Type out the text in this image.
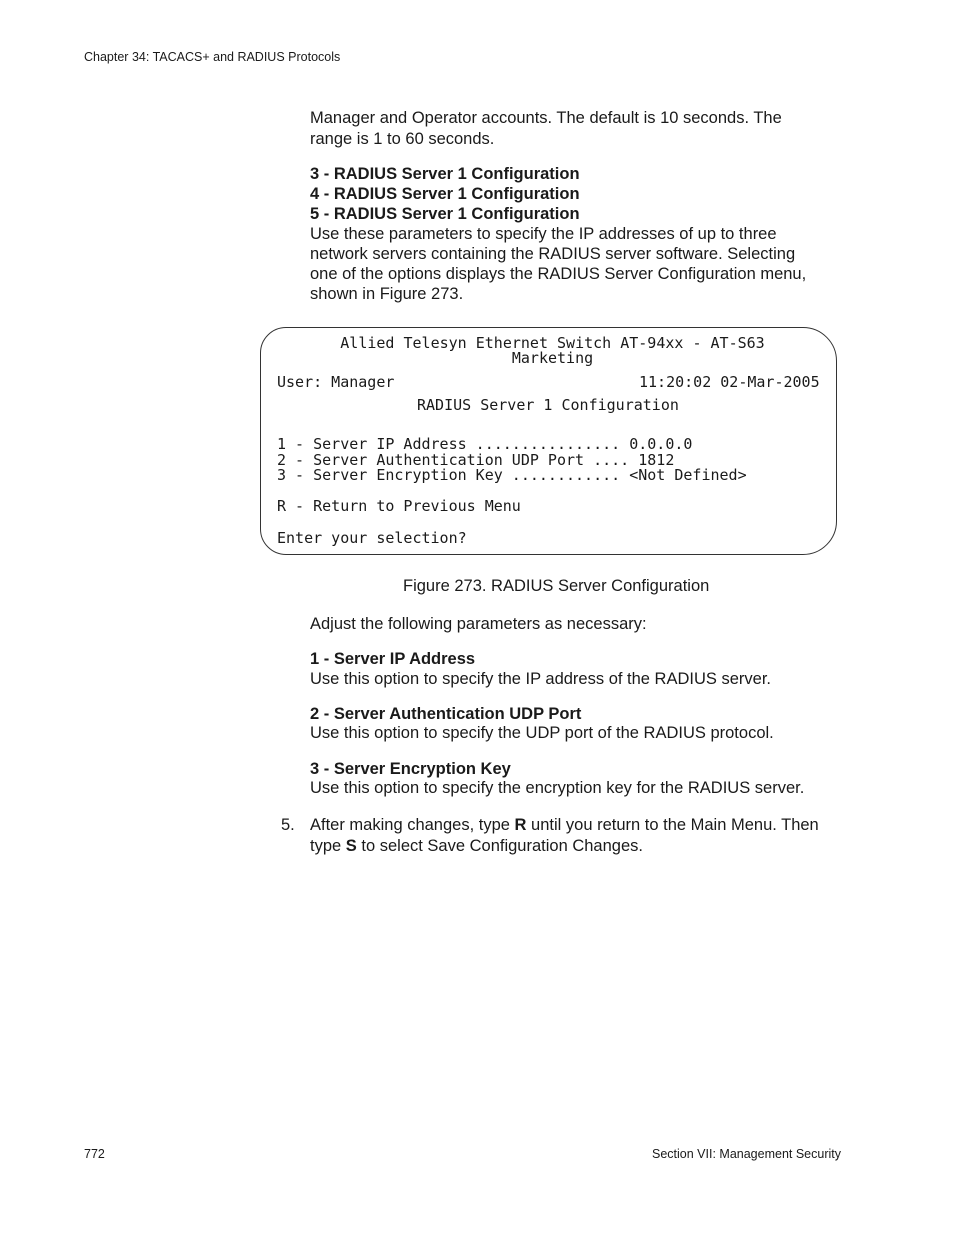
Chapter 34: TACACS+ and RADIUS Protocols
Manager and Operator accounts. The default is 10 seconds. The
range is 1 to 60 seconds.
3 - RADIUS Server 1 Configuration
4 - RADIUS Server 1 Configuration
5 - RADIUS Server 1 Configuration
Use these parameters to specify the IP addresses of up to three
network servers containing the RADIUS server software. Selecting
one of the options displays the RADIUS Server Configuration menu,
shown in Figure 273.
Allied Telesyn Ethernet Switch AT-94xx - AT-S63
Marketing
User: Manager	11:20:02 02-Mar-2005
RADIUS Server 1 Configuration
1 - Server IP Address ................ 0.0.0.0
2 - Server Authentication UDP Port .... 1812
3 - Server Encryption Key ............ <Not Defined>
R - Return to Previous Menu
Enter your selection?
Figure 273. RADIUS Server Configuration
Adjust the following parameters as necessary:
1 - Server IP Address
Use this option to specify the IP address of the RADIUS server.
2 - Server Authentication UDP Port
Use this option to specify the UDP port of the RADIUS protocol.
3 - Server Encryption Key
Use this option to specify the encryption key for the RADIUS server.
5. After making changes, type R until you return to the Main Menu. Then
type S to select Save Configuration Changes.
772	Section VII: Management Security
